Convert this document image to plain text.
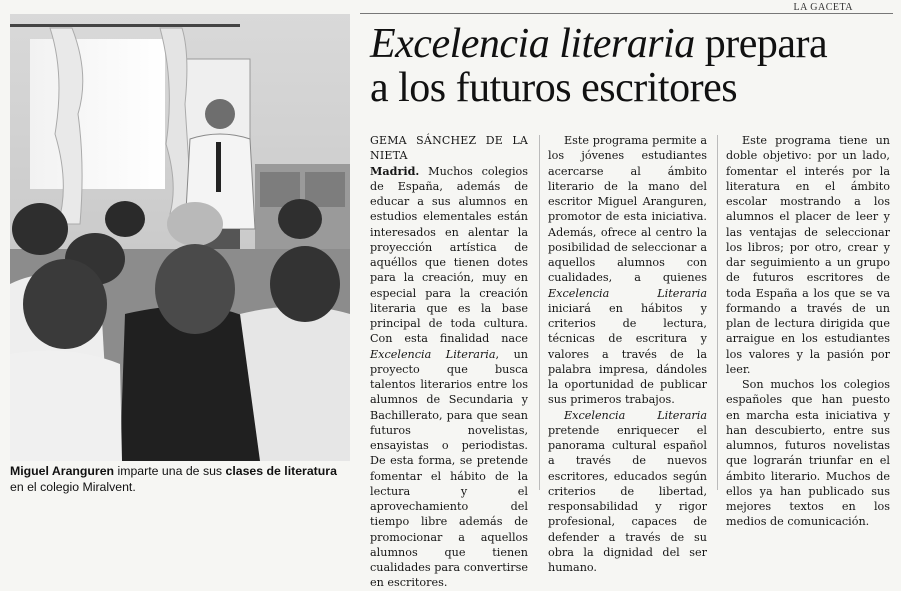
LA GACETA
Miguel Aranguren imparte una de sus clases de literatura en el colegio Miralvent.
Excelencia literaria prepara
a los futuros escritores

GEMA SÁNCHEZ DE LA NIETA

Madrid. Muchos colegios de España, además de educar a sus alumnos en estudios elementales están interesados en alentar la proyección artística de aquéllos que tienen dotes para la creación, muy en especial para la creación literaria que es la base principal de toda cultura. Con esta finalidad nace Excelencia Literaria, un proyecto que busca talentos literarios entre los alumnos de Secundaria y Bachillerato, para que sean futuros novelistas, ensayistas o periodistas. De esta forma, se pretende fomentar el hábito de la lectura y el aprovechamiento del tiempo libre además de promocionar a aquellos alumnos que tienen cualidades para convertirse en escritores.

Este programa permite a los jóvenes estudiantes acercarse al ámbito literario de la mano del escritor Miguel Aranguren, promotor de esta iniciativa. Además, ofrece al centro la posibilidad de seleccionar a aquellos alumnos con cualidades, a quienes Excelencia Literaria iniciará en hábitos y criterios de lectura, técnicas de escritura y valores a través de la palabra impresa, dándoles la oportunidad de publicar sus primeros trabajos.

Excelencia Literaria pretende enriquecer el panorama cultural español a través de nuevos escritores, educados según criterios de libertad, responsabilidad y rigor profesional, capaces de defender a través de su obra la dignidad del ser humano.

Este programa tiene un doble objetivo: por un lado, fomentar el interés por la literatura en el ámbito escolar mostrando a los alumnos el placer de leer y las ventajas de seleccionar los libros; por otro, crear y dar seguimiento a un grupo de futuros escritores de toda España a los que se va formando a través de un plan de lectura dirigida que arraigue en los estudiantes los valores y la pasión por leer.

Son muchos los colegios españoles que han puesto en marcha esta iniciativa y han descubierto, entre sus alumnos, futuros novelistas que lograrán triunfar en el ámbito literario. Muchos de ellos ya han publicado sus mejores textos en los medios de comunicación.
